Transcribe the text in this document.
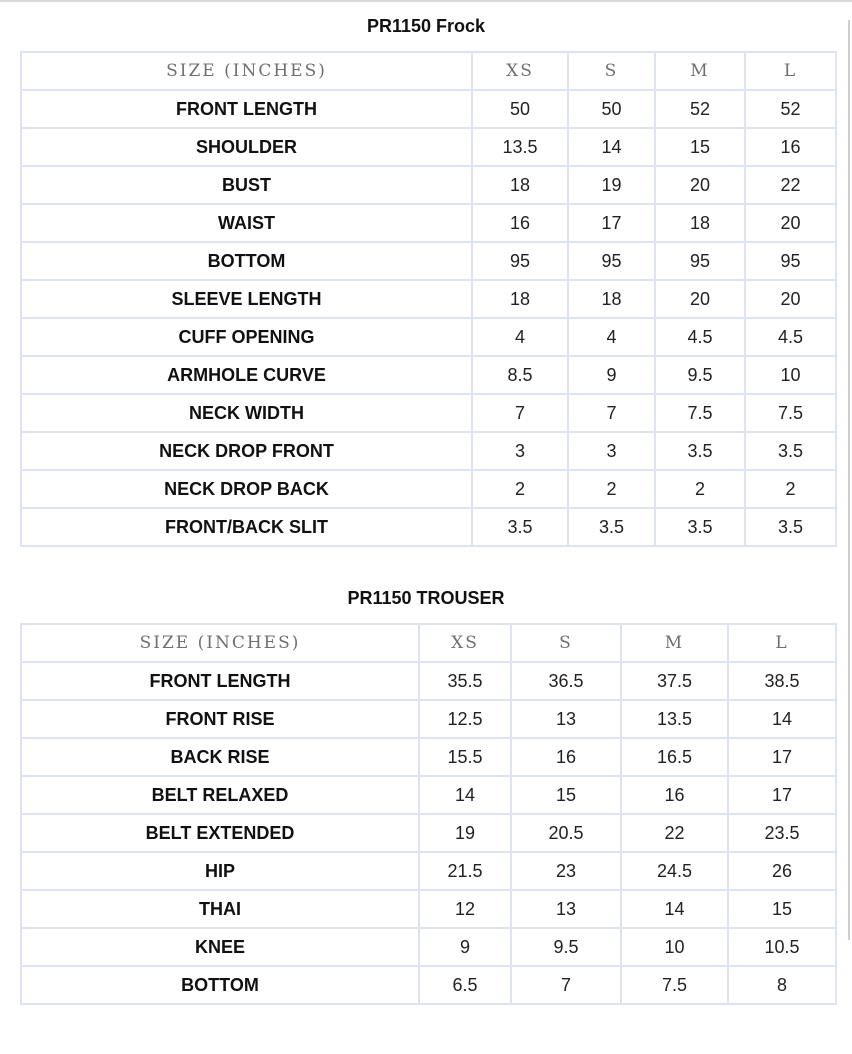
PR1150 Frock
SIZE (INCHES)	XS	S	M	L
FRONT LENGTH	50	50	52	52
SHOULDER	13.5	14	15	16
BUST	18	19	20	22
WAIST	16	17	18	20
BOTTOM	95	95	95	95
SLEEVE LENGTH	18	18	20	20
CUFF OPENING	4	4	4.5	4.5
ARMHOLE CURVE	8.5	9	9.5	10
NECK WIDTH	7	7	7.5	7.5
NECK DROP FRONT	3	3	3.5	3.5
NECK DROP BACK	2	2	2	2
FRONT/BACK SLIT	3.5	3.5	3.5	3.5
PR1150 TROUSER
SIZE (INCHES)	XS	S	M	L
FRONT LENGTH	35.5	36.5	37.5	38.5
FRONT RISE	12.5	13	13.5	14
BACK RISE	15.5	16	16.5	17
BELT RELAXED	14	15	16	17
BELT EXTENDED	19	20.5	22	23.5
HIP	21.5	23	24.5	26
THAI	12	13	14	15
KNEE	9	9.5	10	10.5
BOTTOM	6.5	7	7.5	8
